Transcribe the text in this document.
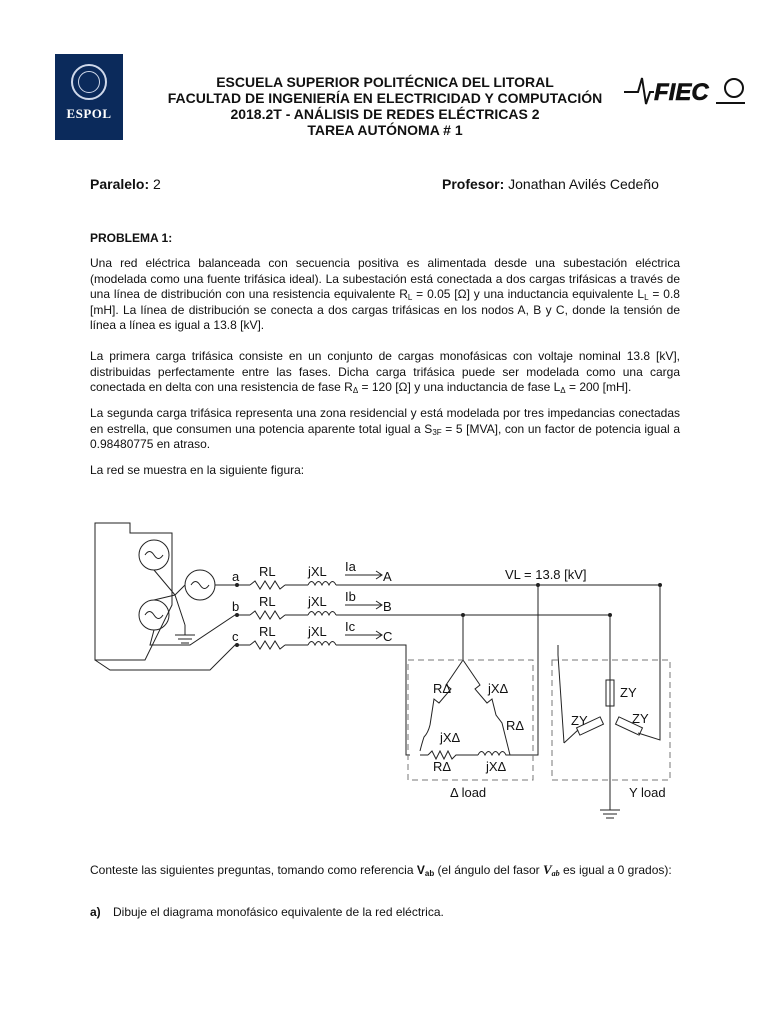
ESPOL
FIEC
ESCUELA SUPERIOR POLITÉCNICA DEL LITORAL
FACULTAD DE INGENIERÍA EN ELECTRICIDAD Y COMPUTACIÓN
2018.2T - ANÁLISIS DE REDES ELÉCTRICAS 2
TAREA AUTÓNOMA # 1
Paralelo: 2	Profesor: Jonathan Avilés Cedeño
PROBLEMA 1:
Una red eléctrica balanceada con secuencia positiva es alimentada desde una subestación eléctrica (modelada como una fuente trifásica ideal). La subestación está conectada a dos cargas trifásicas a través de una línea de distribución con una resistencia equivalente $R_L = 0.05$ [Ω] y una inductancia equivalente $L_L = 0.8$ [mH]. La línea de distribución se conecta a dos cargas trifásicas en los nodos A, B y C, donde la tensión de línea a línea es igual a 13.8 [kV].
La primera carga trifásica consiste en un conjunto de cargas monofásicas con voltaje nominal 13.8 [kV], distribuidas perfectamente entre las fases. Dicha carga trifásica puede ser modelada como una carga conectada en delta con una resistencia de fase $R_\Delta = 120$ [Ω] y una inductancia de fase $L_\Delta = 200$ [mH].
La segunda carga trifásica representa una zona residencial y está modelada por tres impedancias conectadas en estrella, que consumen una potencia aparente total igual a $S_{3F} = 5$ [MVA], con un factor de potencia igual a 0.98480775 en atraso.
La red se muestra en la siguiente figura:
a
b
c
RL
RL
RL
jXL
jXL
jXL
Ia
Ib
Ic
A
B
C
VL = 13.8 [kV]
RΔ	jXΔ
RΔ
jXΔ
RΔ	jXΔ
Δ load
ZY
ZY	ZY
Y load
Conteste las siguientes preguntas, tomando como referencia $V_{ab}$ (el ángulo del fasor $V_{ab}$ es igual a 0 grados):
a) Dibuje el diagrama monofásico equivalente de la red eléctrica.
